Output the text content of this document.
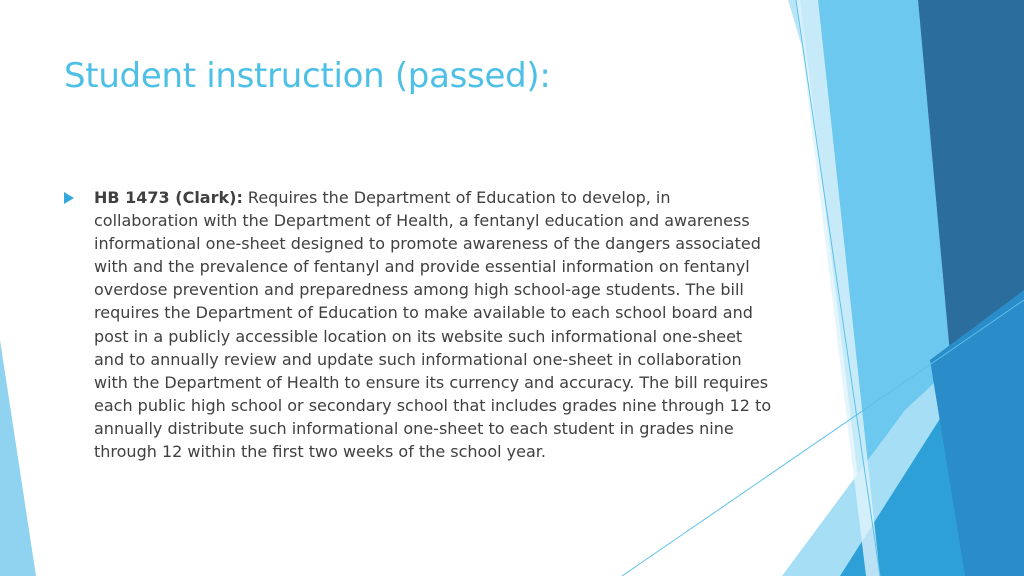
Student instruction (passed):

HB 1473 (Clark): Requires the Department of Education to develop, in collaboration with the Department of Health, a fentanyl education and awareness informational one-sheet designed to promote awareness of the dangers associated with and the prevalence of fentanyl and provide essential information on fentanyl overdose prevention and preparedness among high school-age students. The bill requires the Department of Education to make available to each school board and post in a publicly accessible location on its website such informational one-sheet and to annually review and update such informational one-sheet in collaboration with the Department of Health to ensure its currency and accuracy. The bill requires each public high school or secondary school that includes grades nine through 12 to annually distribute such informational one-sheet to each student in grades nine through 12 within the first two weeks of the school year.
